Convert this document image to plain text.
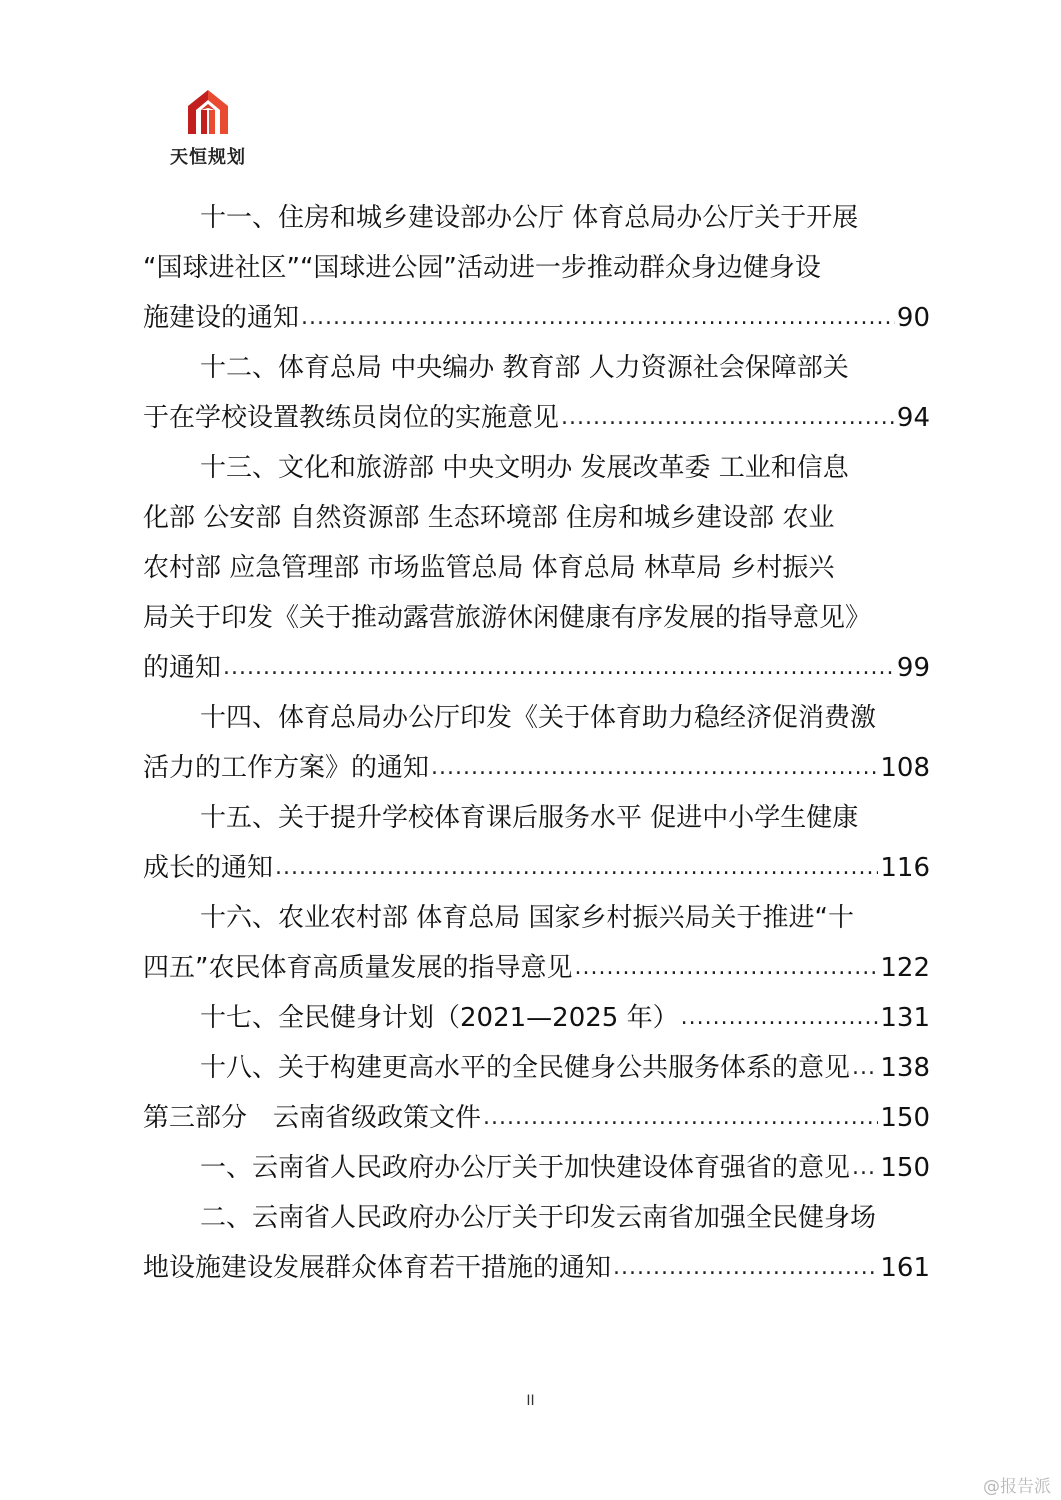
天恒规划
十一、住房和城乡建设部办公厅 体育总局办公厅关于开展
“国球进社区”“国球进公园”活动进一步推动群众身边健身设
施建设的通知 .....	90
十二、体育总局 中央编办 教育部 人力资源社会保障部关
于在学校设置教练员岗位的实施意见 .....	94
十三、文化和旅游部 中央文明办 发展改革委 工业和信息
化部 公安部 自然资源部 生态环境部 住房和城乡建设部 农业
农村部 应急管理部 市场监管总局 体育总局 林草局 乡村振兴
局关于印发《关于推动露营旅游休闲健康有序发展的指导意见》
的通知 .....	99
十四、体育总局办公厅印发《关于体育助力稳经济促消费激
活力的工作方案》的通知 .....	108
十五、关于提升学校体育课后服务水平 促进中小学生健康
成长的通知 .....	116
十六、农业农村部 体育总局 国家乡村振兴局关于推进“十
四五”农民体育高质量发展的指导意见 .....	122
十七、全民健身计划（2021—2025 年） .....	131
十八、关于构建更高水平的全民健身公共服务体系的意见 ..... 138
第三部分　云南省级政策文件 .....	150
一、云南省人民政府办公厅关于加快建设体育强省的意见 ..... 150
二、云南省人民政府办公厅关于印发云南省加强全民健身场
地设施建设发展群众体育若干措施的通知 .....	161
II
@报告派
